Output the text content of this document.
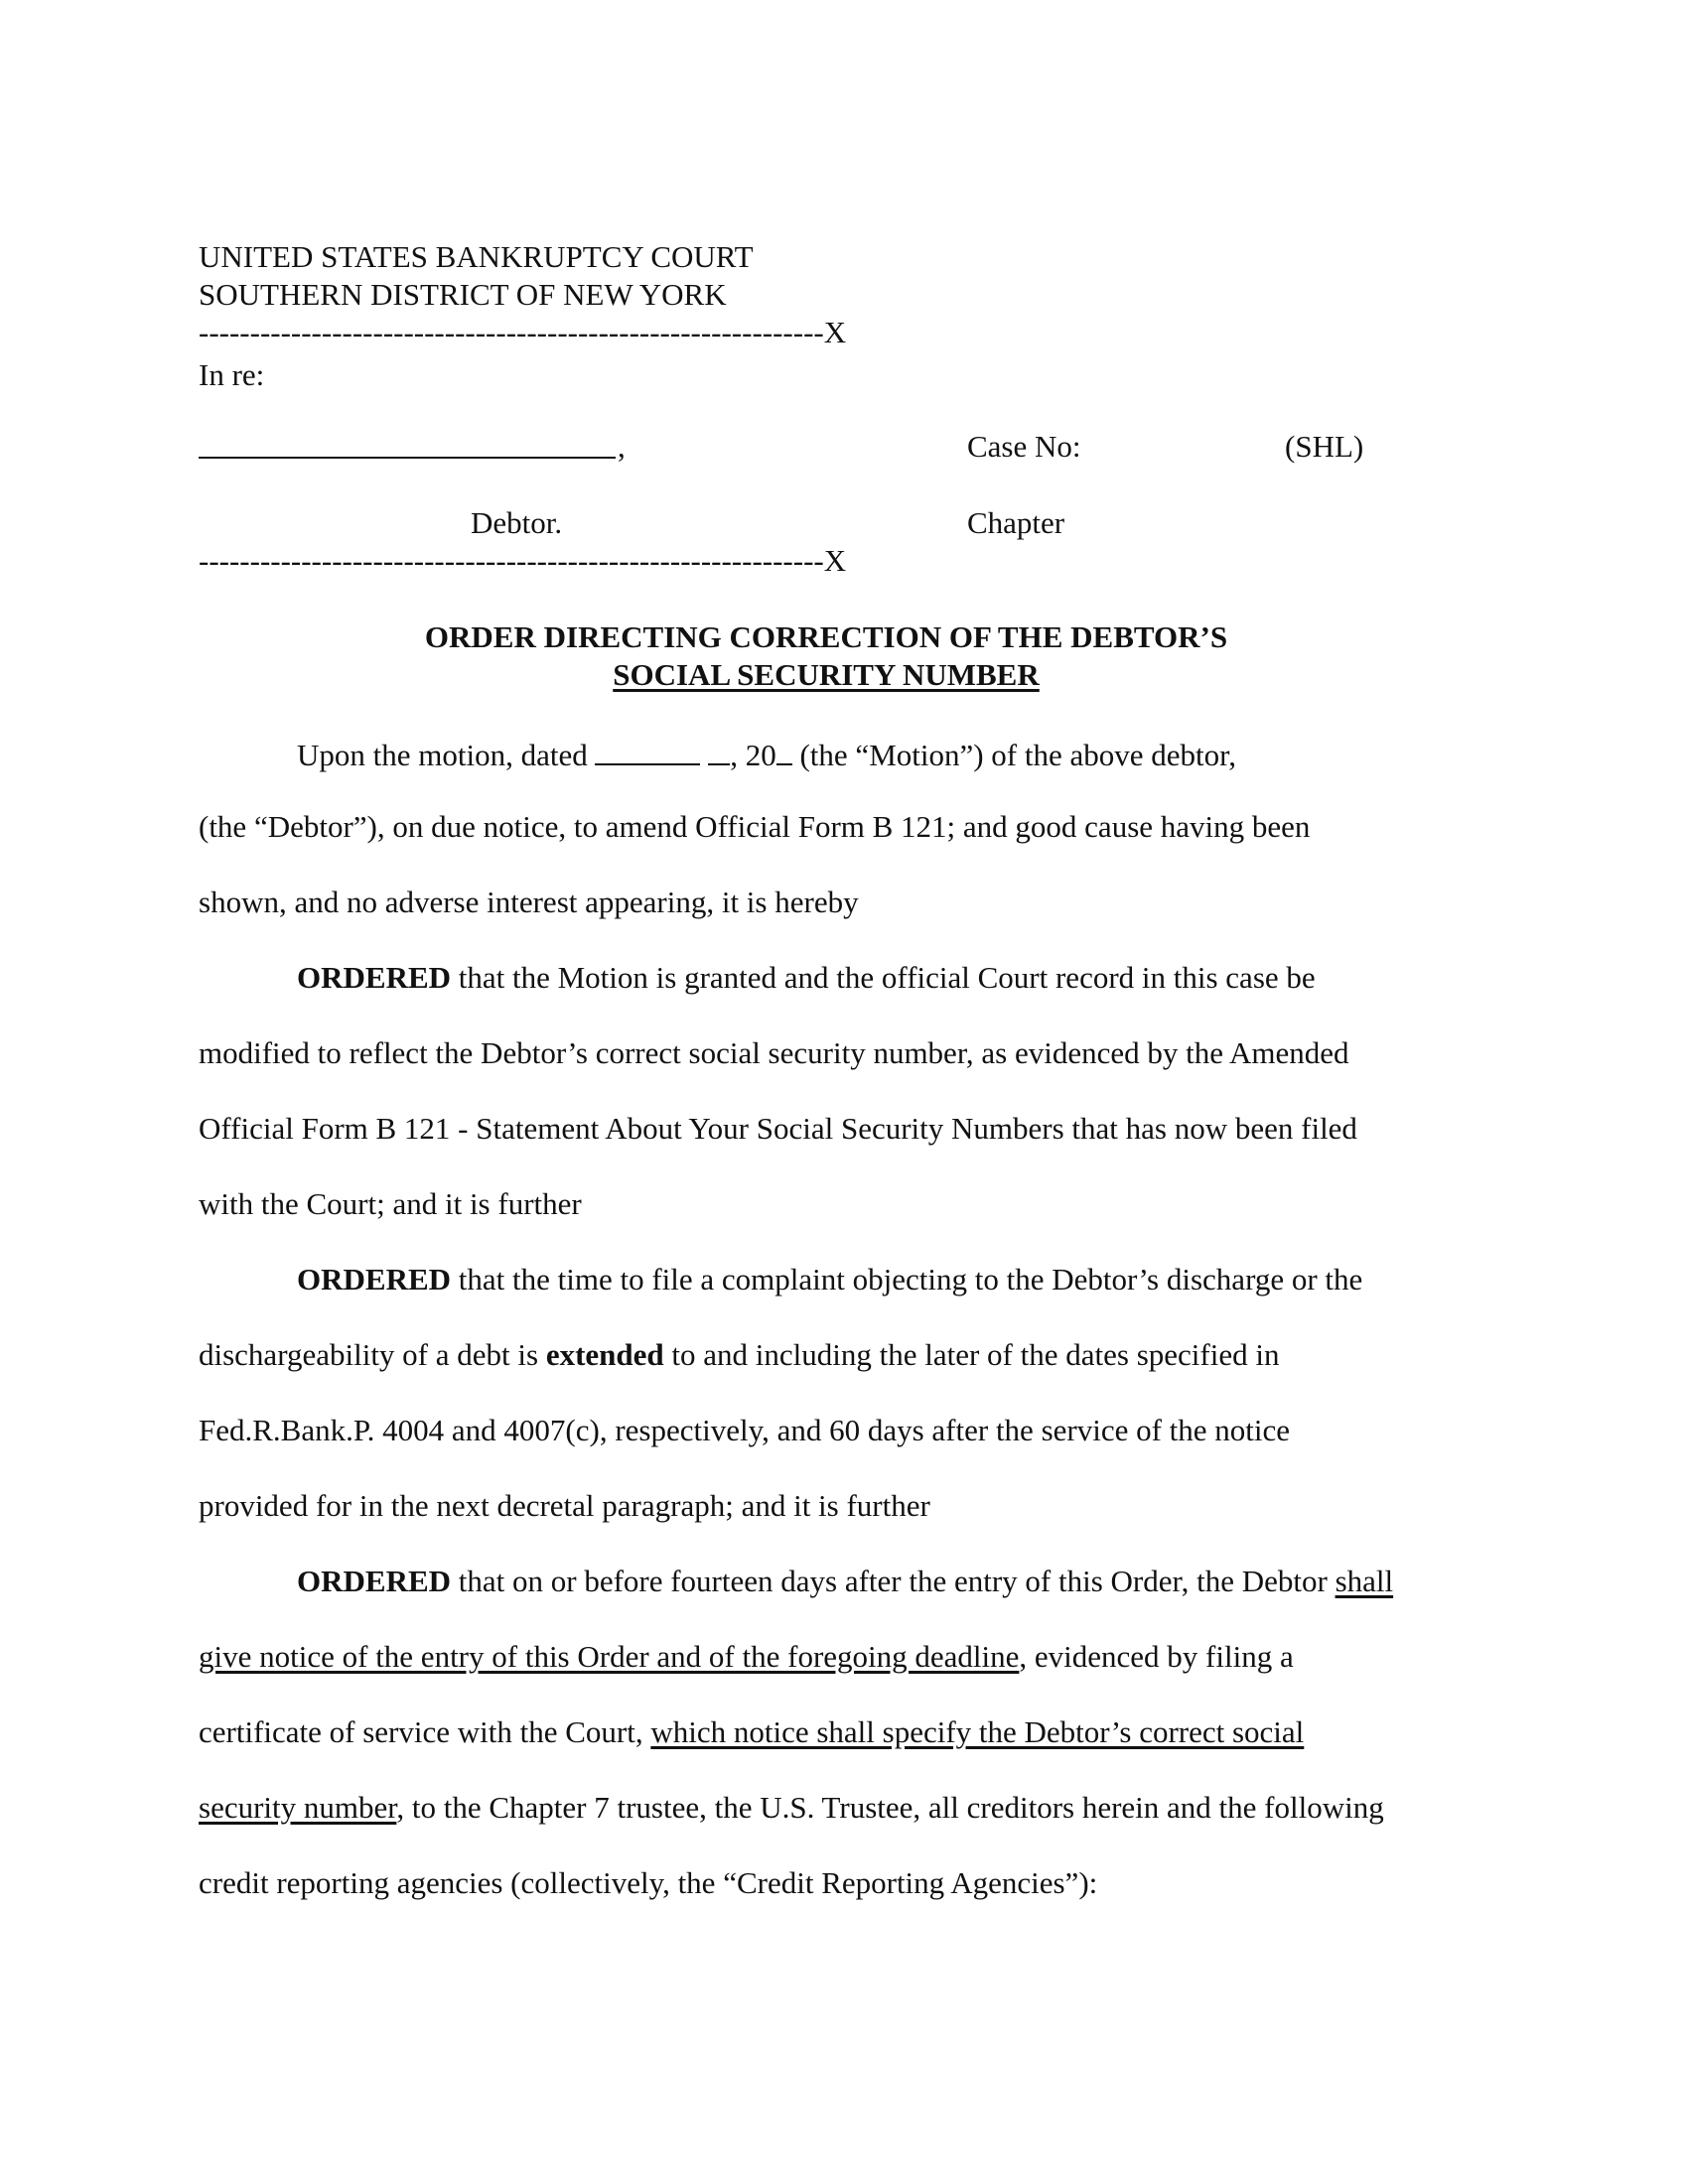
UNITED STATES BANKRUPTCY COURT
SOUTHERN DISTRICT OF NEW YORK
-------------------------------------------------------------X
In re:
,	Case No:	(SHL)
Debtor.	Chapter
-------------------------------------------------------------X
ORDER DIRECTING CORRECTION OF THE DEBTOR’S
SOCIAL SECURITY NUMBER
Upon the motion, dated	, 20 (the “Motion”) of the above debtor,
(the “Debtor”), on due notice, to amend Official Form B 121; and good cause having been
shown, and no adverse interest appearing, it is hereby
ORDERED that the Motion is granted and the official Court record in this case be
modified to reflect the Debtor’s correct social security number, as evidenced by the Amended
Official Form B 121 - Statement About Your Social Security Numbers that has now been filed
with the Court; and it is further
ORDERED that the time to file a complaint objecting to the Debtor’s discharge or the
dischargeability of a debt is extended to and including the later of the dates specified in
Fed.R.Bank.P. 4004 and 4007(c), respectively, and 60 days after the service of the notice
provided for in the next decretal paragraph; and it is further
ORDERED that on or before fourteen days after the entry of this Order, the Debtor shall
give notice of the entry of this Order and of the foregoing deadline, evidenced by filing a
certificate of service with the Court, which notice shall specify the Debtor’s correct social
security number, to the Chapter 7 trustee, the U.S. Trustee, all creditors herein and the following
credit reporting agencies (collectively, the “Credit Reporting Agencies”):
